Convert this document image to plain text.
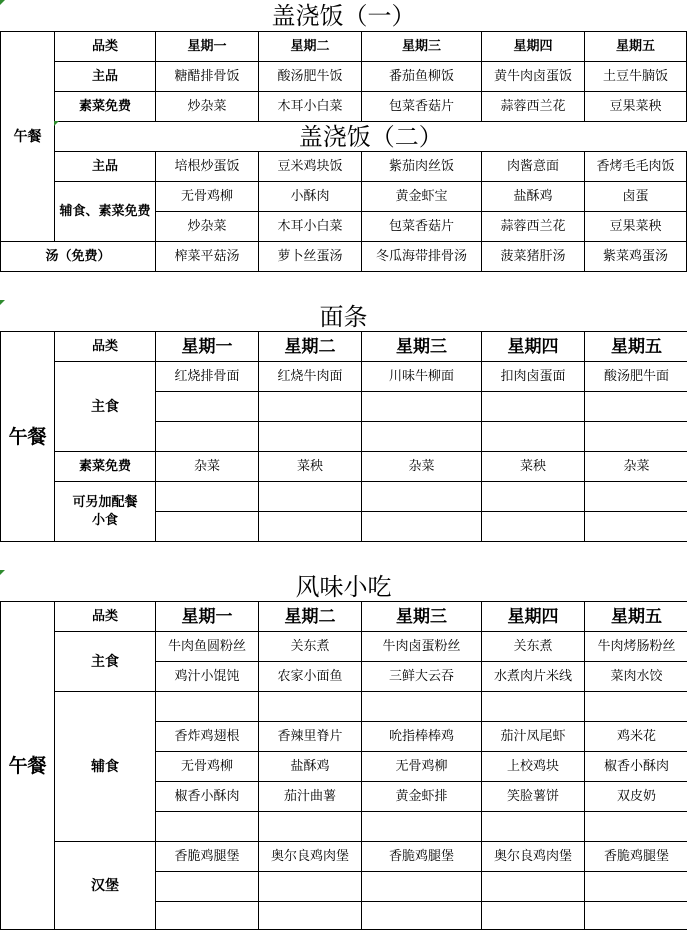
盖浇饭（一）
午餐	品类	星期一	星期二	星期三	星期四	星期五
	主品	糖醋排骨饭	酸汤肥牛饭	番茄鱼柳饭	黄牛肉卤蛋饭	土豆牛腩饭
	素菜免费	炒杂菜	木耳小白菜	包菜香菇片	蒜蓉西兰花	豆果菜秧
	盖浇饭（二）					
	主品	培根炒蛋饭	豆米鸡块饭	紫茄肉丝饭	肉酱意面	香烤毛毛肉饭
	辅食、素菜免费	无骨鸡柳	小酥肉	黄金虾宝	盐酥鸡	卤蛋
		炒杂菜	木耳小白菜	包菜香菇片	蒜蓉西兰花	豆果菜秧
汤（免费）		榨菜平菇汤	萝卜丝蛋汤	冬瓜海带排骨汤	菠菜猪肝汤	紫菜鸡蛋汤
面条
午餐	品类	星期一	星期二	星期三	星期四	星期五
	主食	红烧排骨面	红烧牛肉面	川味牛柳面	扣肉卤蛋面	酸汤肥牛面

	素菜免费	杂菜	菜秧	杂菜	菜秧	杂菜
	可另加配餐小食					

风味小吃
午餐	品类	星期一	星期二	星期三	星期四	星期五
	主食	牛肉鱼圆粉丝	关东煮	牛肉卤蛋粉丝	关东煮	牛肉烤肠粉丝
		鸡汁小馄饨	农家小面鱼	三鲜大云吞	水煮肉片米线	菜肉水饺
	辅食					
		香炸鸡翅根	香辣里脊片	吮指棒棒鸡	茄汁凤尾虾	鸡米花
		无骨鸡柳	盐酥鸡	无骨鸡柳	上校鸡块	椒香小酥肉
		椒香小酥肉	茄汁曲薯	黄金虾排	笑脸薯饼	双皮奶

	汉堡	香脆鸡腿堡	奥尔良鸡肉堡	香脆鸡腿堡	奥尔良鸡肉堡	香脆鸡腿堡
